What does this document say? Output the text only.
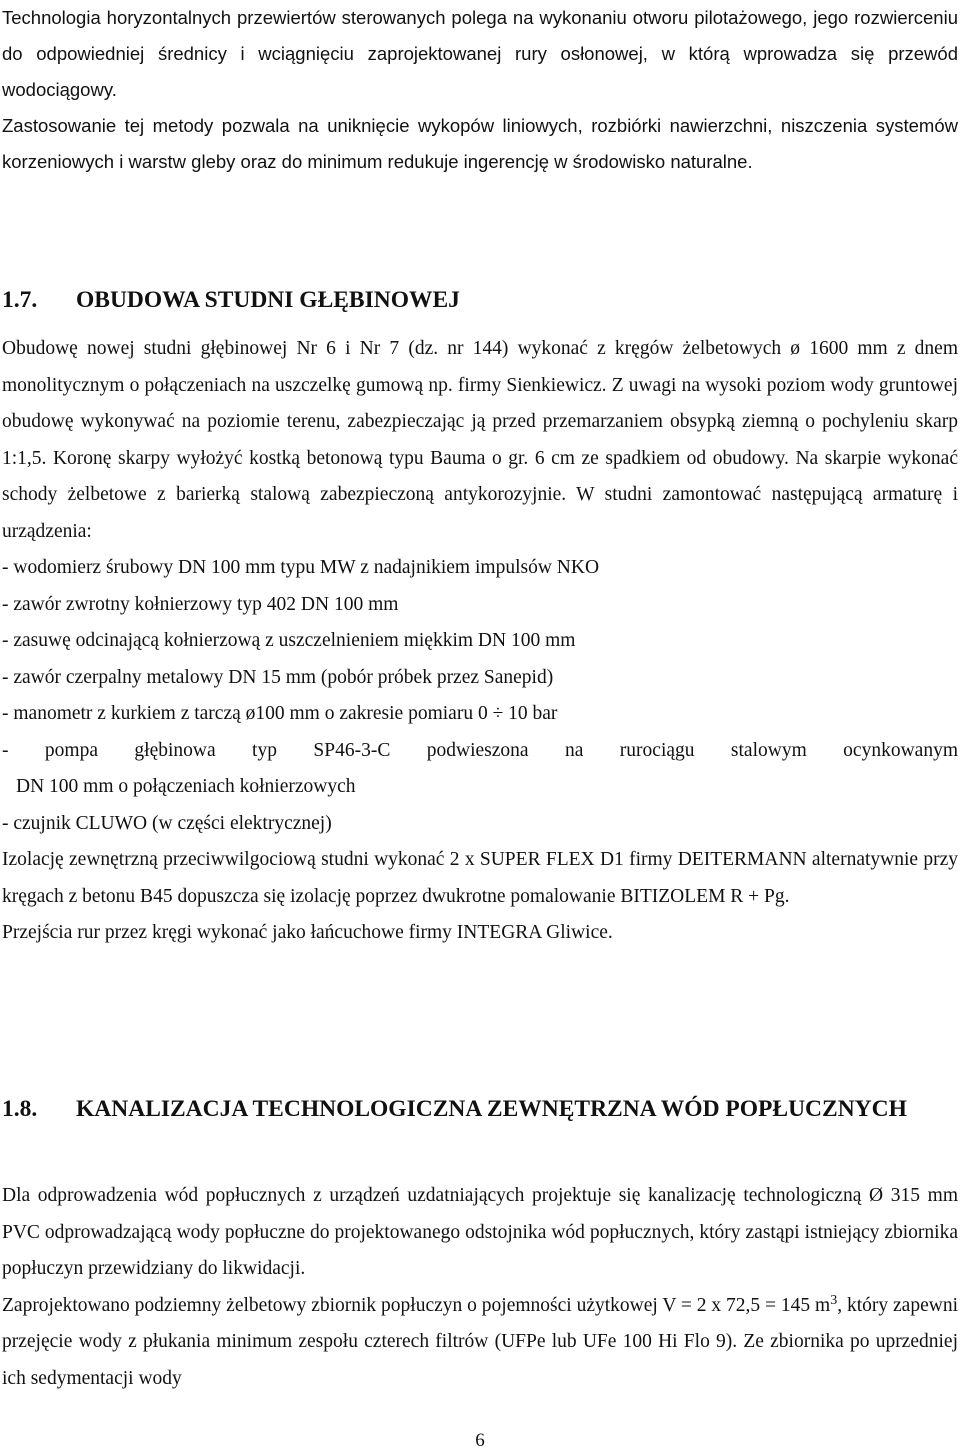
Technologia horyzontalnych przewiertów sterowanych polega na wykonaniu otworu pilotażowego, jego rozwierceniu do odpowiedniej średnicy i wciągnięciu zaprojektowanej rury osłonowej, w którą wprowadza się przewód wodociągowy.

Zastosowanie tej metody pozwala na uniknięcie wykopów liniowych, rozbiórki nawierzchni, niszczenia systemów korzeniowych i warstw gleby oraz do minimum redukuje ingerencję w środowisko naturalne.

1.7. OBUDOWA STUDNI GŁĘBINOWEJ

Obudowę nowej studni głębinowej Nr 6 i Nr 7 (dz. nr 144) wykonać z kręgów żelbetowych ø 1600 mm z dnem monolitycznym o połączeniach na uszczelkę gumową np. firmy Sienkiewicz. Z uwagi na wysoki poziom wody gruntowej obudowę wykonywać na poziomie terenu, zabezpieczając ją przed przemarzaniem obsypką ziemną o pochyleniu skarp 1:1,5. Koronę skarpy wyłożyć kostką betonową typu Bauma o gr. 6 cm ze spadkiem od obudowy. Na skarpie wykonać schody żelbetowe z barierką stalową zabezpieczoną antykorozyjnie. W studni zamontować następującą armaturę i urządzenia:

- wodomierz śrubowy DN 100 mm typu MW z nadajnikiem impulsów NKO
- zawór zwrotny kołnierzowy typ 402 DN 100 mm
- zasuwę odcinającą kołnierzową z uszczelnieniem miękkim DN 100 mm
- zawór czerpalny metalowy DN 15 mm (pobór próbek przez Sanepid)
- manometr z kurkiem z tarczą ø100 mm o zakresie pomiaru 0 ÷ 10 bar
- pompa głębinowa typ SP46-3-C podwieszona na rurociągu stalowym ocynkowanym
DN 100 mm o połączeniach kołnierzowych
- czujnik CLUWO (w części elektrycznej)

Izolację zewnętrzną przeciwwilgociową studni wykonać 2 x SUPER FLEX D1 firmy DEITERMANN alternatywnie przy kręgach z betonu B45 dopuszcza się izolację poprzez dwukrotne pomalowanie BITIZOLEM R + Pg.

Przejścia rur przez kręgi wykonać jako łańcuchowe firmy INTEGRA Gliwice.

1.8. KANALIZACJA TECHNOLOGICZNA ZEWNĘTRZNA WÓD POPŁUCZNYCH

Dla odprowadzenia wód popłucznych z urządzeń uzdatniających projektuje się kanalizację technologiczną Ø 315 mm PVC odprowadzającą wody popłuczne do projektowanego odstojnika wód popłucznych, który zastąpi istniejący zbiornika popłuczyn przewidziany do likwidacji.

Zaprojektowano podziemny żelbetowy zbiornik popłuczyn o pojemności użytkowej V = 2 x 72,5 = 145 $m^3$, który zapewni przejęcie wody z płukania minimum zespołu czterech filtrów (UFPe lub UFe 100 Hi Flo 9). Ze zbiornika po uprzedniej ich sedymentacji wody

6
